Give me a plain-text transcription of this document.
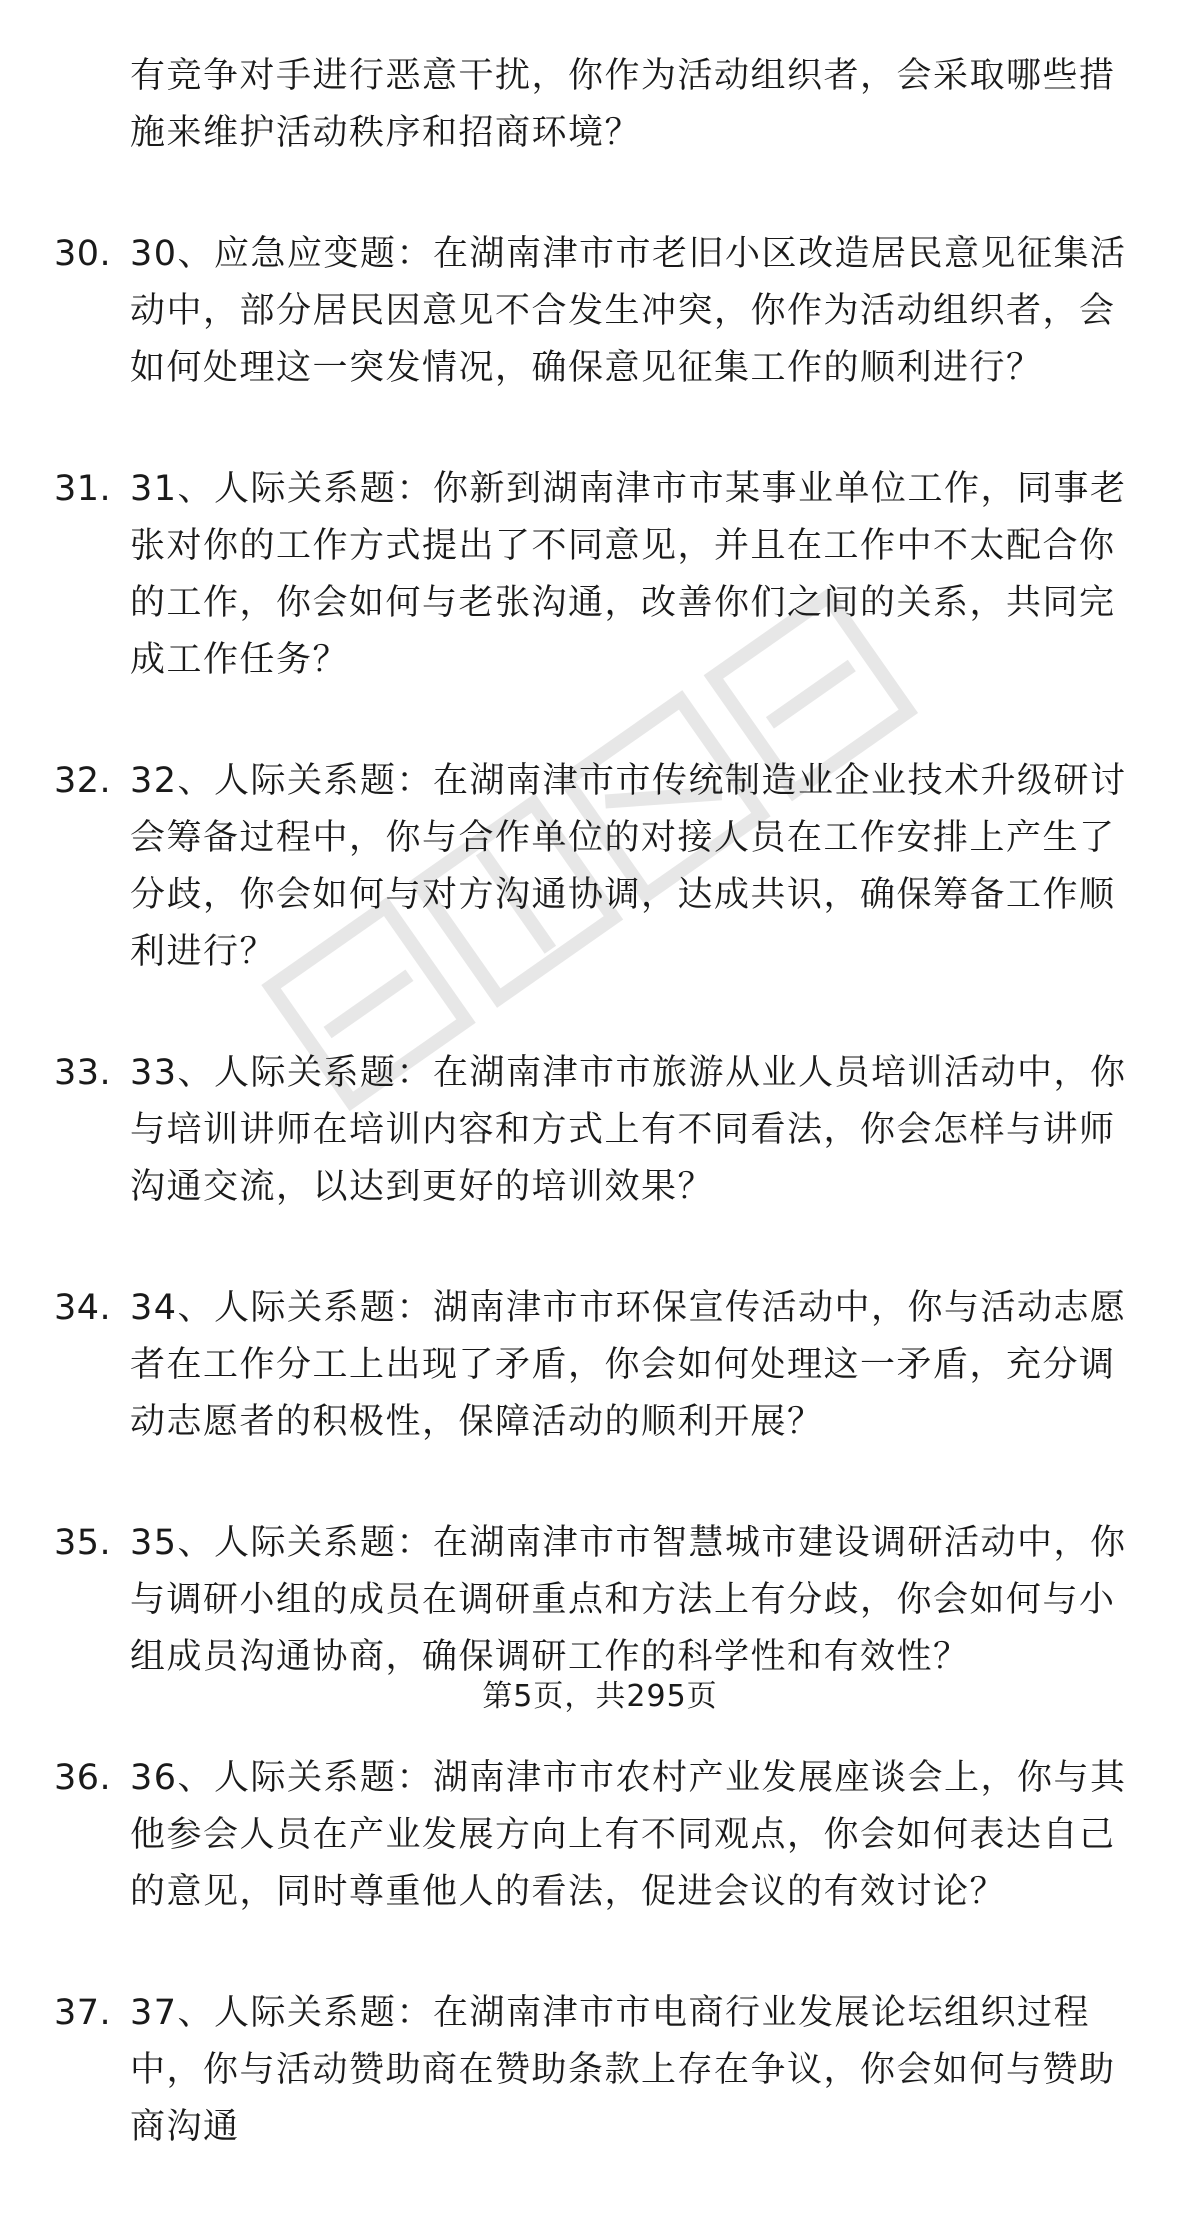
有竞争对手进行恶意干扰，你作为活动组织者，会采取哪些措施来维护活动秩序和招商环境？
30. 30、应急应变题：在湖南津市市老旧小区改造居民意见征集活动中，部分居民因意见不合发生冲突，你作为活动组织者，会如何处理这一突发情况，确保意见征集工作的顺利进行？
31. 31、人际关系题：你新到湖南津市市某事业单位工作，同事老张对你的工作方式提出了不同意见，并且在工作中不太配合你的工作，你会如何与老张沟通，改善你们之间的关系，共同完成工作任务？
32. 32、人际关系题：在湖南津市市传统制造业企业技术升级研讨会筹备过程中，你与合作单位的对接人员在工作安排上产生了分歧，你会如何与对方沟通协调，达成共识，确保筹备工作顺利进行？
33. 33、人际关系题：在湖南津市市旅游从业人员培训活动中，你与培训讲师在培训内容和方式上有不同看法，你会怎样与讲师沟通交流，以达到更好的培训效果？
34. 34、人际关系题：湖南津市市环保宣传活动中，你与活动志愿者在工作分工上出现了矛盾，你会如何处理这一矛盾，充分调动志愿者的积极性，保障活动的顺利开展？
35. 35、人际关系题：在湖南津市市智慧城市建设调研活动中，你与调研小组的成员在调研重点和方法上有分歧，你会如何与小组成员沟通协商，确保调研工作的科学性和有效性？
36. 36、人际关系题：湖南津市市农村产业发展座谈会上，你与其他参会人员在产业发展方向上有不同观点，你会如何表达自己的意见，同时尊重他人的看法，促进会议的有效讨论？
37. 37、人际关系题：在湖南津市市电商行业发展论坛组织过程中，你与活动赞助商在赞助条款上存在争议，你会如何与赞助商沟通
第5页，共295页
